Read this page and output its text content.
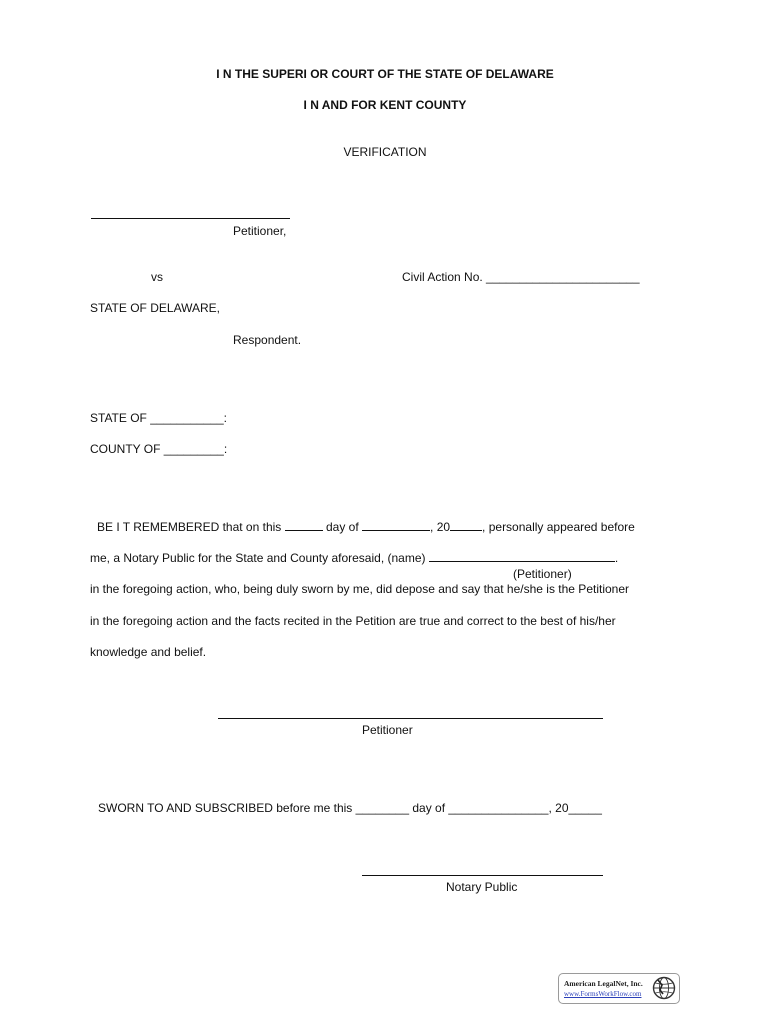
I N THE SUPERI OR COURT OF THE STATE OF DELAWARE
I N AND FOR KENT COUNTY
VERIFICATION
Petitioner,
vs	Civil Action No. _______________________
STATE OF DELAWARE,
Respondent.
STATE OF ___________:
COUNTY OF _________:
BE I T REMEMBERED that on this	day of	, 20	, personally appeared before
me, a Notary Public for the State and County aforesaid, (name)	.
(Petitioner)
in the foregoing action, who, being duly sworn by me, did depose and say that he/she is the Petitioner
in the foregoing action and the facts recited in the Petition are true and correct to the best of his/her
knowledge and belief.
Petitioner
SWORN TO AND SUBSCRIBED before me this ________ day of _______________, 20_____
Notary Public
American LegalNet, Inc.
www.FormsWorkFlow.com
